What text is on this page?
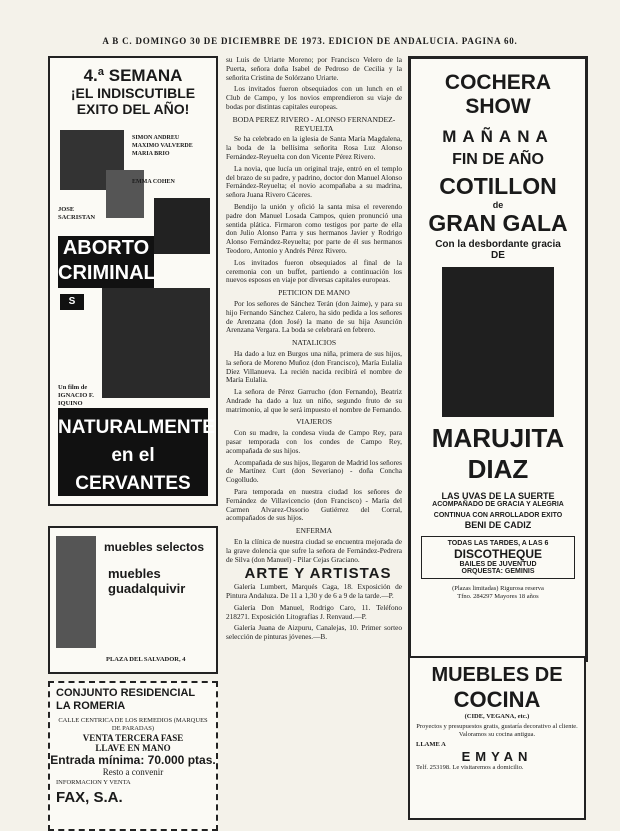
A B C. DOMINGO 30 DE DICIEMBRE DE 1973. EDICION DE ANDALUCIA. PAGINA 60.
4.ª SEMANA
¡EL INDISCUTIBLE EXITO DEL AÑO!
SIMON ANDREU
MAXIMO VALVERDE
MARIA BRIO
EMMA COHEN
JOSE SACRISTAN
ABORTO CRIMINAL
S
Un film de IGNACIO F. IQUINO
NATURALMENTE en el CERVANTES
muebles selectos
muebles guadalquivir
PLAZA DEL SALVADOR, 4
CONJUNTO RESIDENCIAL LA ROMERIA
CALLE CENTRICA DE LOS REMEDIOS (MARQUES DE PARADAS)
VENTA TERCERA FASE
LLAVE EN MANO
Entrada mínima: 70.000 ptas.
Resto a convenir
INFORMACION Y VENTA
FAX, S.A.

su Luis de Uriarte Moreno; por Francisco Velero de la Puerta, señora doña Isabel de Pedroso de Cecilia y la señorita Cristina de Solórzano Uriarte.

Los invitados fueron obsequiados con un lunch en el Club de Campo, y los novios emprendieron su viaje de bodas por distintas capitales europeas.

BODA PEREZ RIVERO - ALONSO FERNANDEZ-REYUELTA

Se ha celebrado en la iglesia de Santa María Magdalena, la boda de la bellísima señorita Rosa Luz Alonso Fernández-Reyuelta con don Vicente Pérez Rivero.

La novia, que lucía un original traje, entró en el templo del brazo de su padre, y padrino, doctor don Manuel Alonso Fernández-Reyuelta; el novio acompañaba a su madrina, señora Juana Rivero Cáceres.

Bendijo la unión y ofició la santa misa el reverendo padre don Manuel Losada Campos, quien pronunció una sentida plática. Firmaron como testigos por parte de ella don Julio Alonso Parra y sus hermanos Javier y Rodrigo Alonso Fernández-Reyuelta; por parte de él sus hermanos Teodoro, Antonio y Andrés Pérez Rivero.

Los invitados fueron obsequiados al final de la ceremonia con un buffet, partiendo a continuación los nuevos esposos en viaje por diversas capitales europeas.

PETICION DE MANO

Por los señores de Sánchez Terán (don Jaime), y para su hijo Fernando Sánchez Calero, ha sido pedida a los señores de Arenzana (don José) la mano de su hija Asunción Arenzana Vergara. La boda se celebrará en febrero.

NATALICIOS

Ha dado a luz en Burgos una niña, primera de sus hijos, la señora de Moreno Muñoz (don Francisco), María Eulalia Díez Villanueva. La recién nacida recibirá el nombre de María Eulalia.

La señora de Pérez Garrucho (don Fernando), Beatriz Andrade ha dado a luz un niño, segundo fruto de su matrimonio, al que le será impuesto el nombre de Fernando.

VIAJEROS

Con su madre, la condesa viuda de Campo Rey, para pasar temporada con los condes de Campo Rey, acompañada de sus hijos.

Acompañada de sus hijos, llegaron de Madrid los señores de Martínez Curt (don Severiano) - doña Concha Cogolludo.

Para temporada en nuestra ciudad los señores de Fernández de Villavicencio (don Francisco) - María del Carmen Alvarez-Ossorio Gutiérrez del Corral, acompañados de sus hijos.

ENFERMA

En la clínica de nuestra ciudad se encuentra mejorada de la grave dolencia que sufre la señora de Fernández-Pedrera de Silva (don Manuel) - Pilar Cejas Graciano.

ARTE Y ARTISTAS

Galería Lumbert, Marqués Caga, 18. Exposición de Pintura Andaluza. De 11 a 1,30 y de 6 a 9 de la tarde.—P.

Galería Don Manuel, Rodrigo Caro, 11. Teléfono 218271. Exposición Litografías J. Renvaud.—P.

Galería Juana de Aizpuru, Canalejas, 10. Primer sorteo selección de pinturas jóvenes.—B.

COCHERA SHOW
MAÑANA
FIN DE AÑO
COTILLON
de
GRAN GALA
Con la desbordante gracia
DE
MARUJITA
DIAZ
LAS UVAS DE LA SUERTE
ACOMPAÑADO DE GRACIA Y ALEGRIA
CONTINUA CON ARROLLADOR EXITO
BENI DE CADIZ
TODAS LAS TARDES, A LAS 6
DISCOTHEQUE
BAILES DE JUVENTUD
ORQUESTA: GEMINIS
(Plazas limitadas) Rigurosa reserva
Tfno. 284297 Mayores 18 años
MUEBLES DE
COCINA
(CIDE, VEGANA, etc.)
Proyectos y presupuestos gratis, gustaría decorativo al cliente. Valoramos su cocina antigua.
LLAME A
EMYAN
Telf. 253198. Le visitaremos a domicilio.
